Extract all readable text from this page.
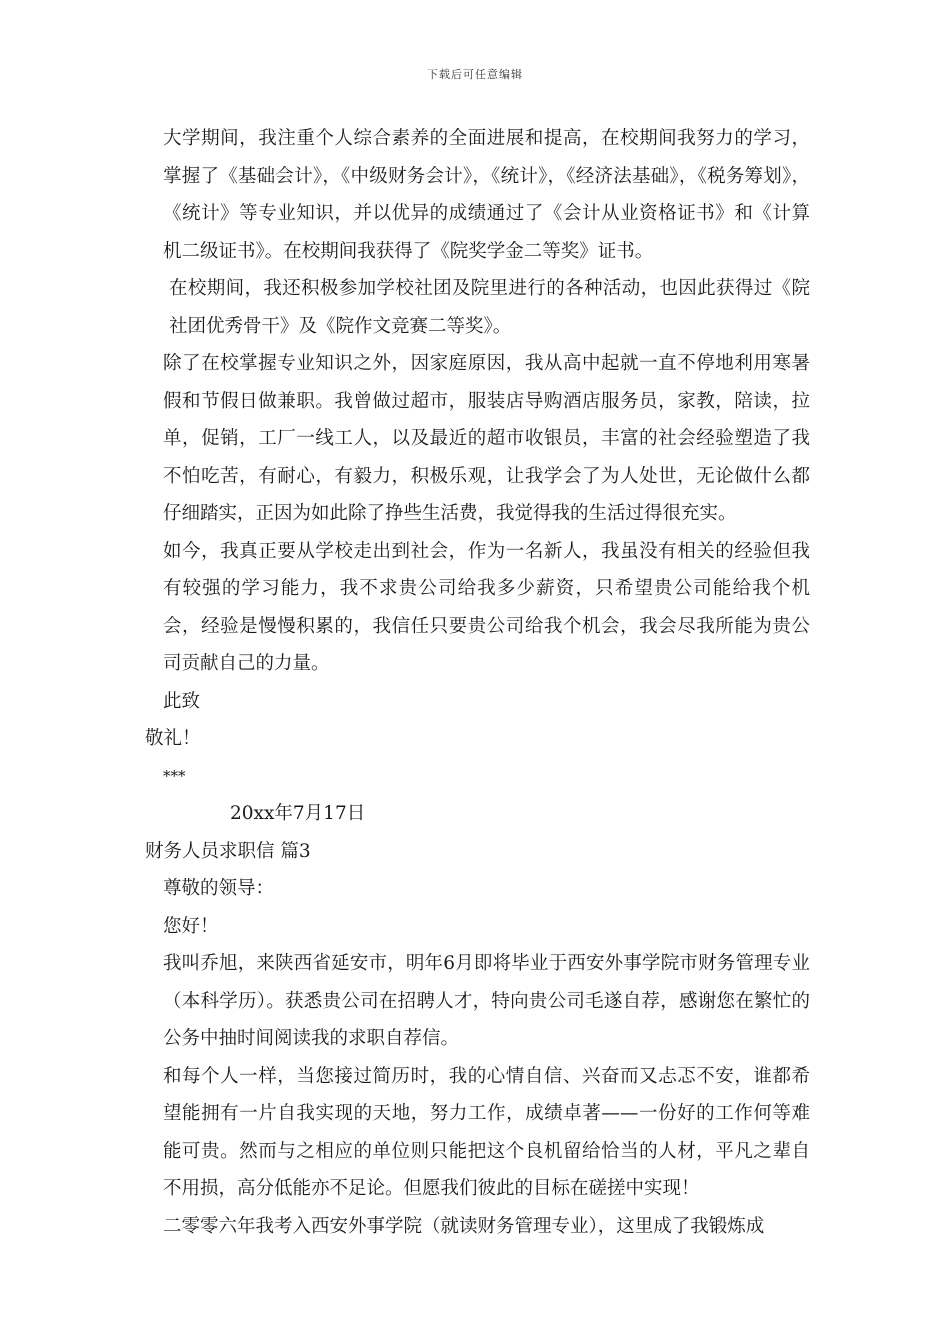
下载后可任意编辑

大学期间，我注重个人综合素养的全面进展和提高，在校期间我努力的学习，掌握了《基础会计》，《中级财务会计》，《统计》，《经济法基础》，《税务筹划》，《统计》等专业知识，并以优异的成绩通过了《会计从业资格证书》和《计算机二级证书》。在校期间我获得了《院奖学金二等奖》证书。

在校期间，我还积极参加学校社团及院里进行的各种活动，也因此获得过《院社团优秀骨干》及《院作文竞赛二等奖》。

除了在校掌握专业知识之外，因家庭原因，我从高中起就一直不停地利用寒暑假和节假日做兼职。我曾做过超市，服装店导购酒店服务员，家教，陪读，拉单，促销，工厂一线工人，以及最近的超市收银员，丰富的社会经验塑造了我不怕吃苦，有耐心，有毅力，积极乐观，让我学会了为人处世，无论做什么都仔细踏实，正因为如此除了挣些生活费，我觉得我的生活过得很充实。

如今，我真正要从学校走出到社会，作为一名新人，我虽没有相关的经验但我有较强的学习能力，我不求贵公司给我多少薪资，只希望贵公司能给我个机会，经验是慢慢积累的，我信任只要贵公司给我个机会，我会尽我所能为贵公司贡献自己的力量。

此致

敬礼！

***

20xx年7月17日

财务人员求职信 篇3

尊敬的领导：

您好！

我叫乔旭，来陕西省延安市，明年6月即将毕业于西安外事学院市财务管理专业（本科学历）。获悉贵公司在招聘人才，特向贵公司毛遂自荐，感谢您在繁忙的公务中抽时间阅读我的求职自荐信。

和每个人一样，当您接过简历时，我的心情自信、兴奋而又忐忑不安，谁都希望能拥有一片自我实现的天地，努力工作，成绩卓著——一份好的工作何等难能可贵。然而与之相应的单位则只能把这个良机留给恰当的人材，平凡之辈自不用损，高分低能亦不足论。但愿我们彼此的目标在磋搓中实现！

二零零六年我考入西安外事学院（就读财务管理专业），这里成了我锻炼成
